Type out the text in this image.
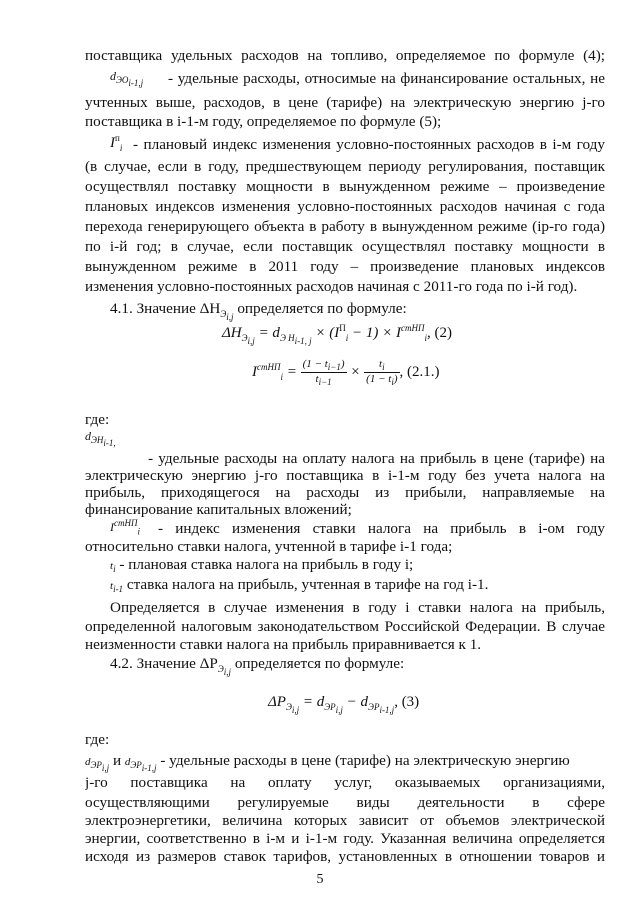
поставщика удельных расходов на топливо, определяемое по формуле (4);
$d_{ЭО_{i-1,j}}$ - удельные расходы, относимые на финансирование остальных, не
учтенных выше, расходов, в цене (тарифе) на электрическую энергию j-го
поставщика в i-1-м году, определяемое по формуле (5);
$I^п_i$ - плановый индекс изменения условно-постоянных расходов в i-м году
(в случае, если в году, предшествующем периоду регулирования, поставщик
осуществлял поставку мощности в вынужденном режиме – произведение
плановых индексов изменения условно-постоянных расходов начиная с года
перехода генерирующего объекта в работу в вынужденном режиме (ip-го года)
по i-й год; в случае, если поставщик осуществлял поставку мощности в
вынужденном режиме в 2011 году – произведение плановых индексов
изменения условно-постоянных расходов начиная с 2011-го года по i-й год).
4.1. Значение $\Delta Н_{Э_{i,j}}$ определяется по формуле:
$\Delta H_{Э_{i,j}} = d_{Э Н_{i-1, j}} \times (I^П_i - 1) \times I^{стНП}_i$, (2)
$I^{стНП}_i = \frac{(1 - t_{i-1})}{t_{i-1}} \times \frac{t_i}{(1 - t_i)}$ , (2.1.)
где:
$d_{ЭН_{i-1,}}$
- удельные расходы на оплату налога на прибыль в цене (тарифе) на
электрическую энергию j-го поставщика в i-1-м году без учета налога на
прибыль, приходящегося на расходы из прибыли, направляемые на
финансирование капитальных вложений;
$I^{стНП}_i$ - индекс изменения ставки налога на прибыль в i-ом году
относительно ставки налога, учтенной в тарифе i-1 года;
$t_i$ - плановая ставка налога на прибыль в году i;
$t_{i-1}$ ставка налога на прибыль, учтенная в тарифе на год i-1.
Определяется в случае изменения в году i ставки налога на прибыль,
определенной налоговым законодательством Российской Федерации. В случае
неизменности ставки налога на прибыль приравнивается к 1.
4.2. Значение $\Delta Р_{Э_{i,j}}$ определяется по формуле:
$\Delta Р_{Э_{i,j}} = d_{ЭР_{i,j}} - d_{ЭР_{i-1,j}}$, (3)
где:
$d_{ЭР_{i,j}}$ и $d_{ЭР_{i-1,j}}$ - удельные расходы в цене (тарифе) на электрическую энергию
j-го поставщика на оплату услуг, оказываемых организациями,
осуществляющими регулируемые виды деятельности в сфере
электроэнергетики, величина которых зависит от объемов электрической
энергии, соответственно в i-м и i-1-м году. Указанная величина определяется
исходя из размеров ставок тарифов, установленных в отношении товаров и
5
